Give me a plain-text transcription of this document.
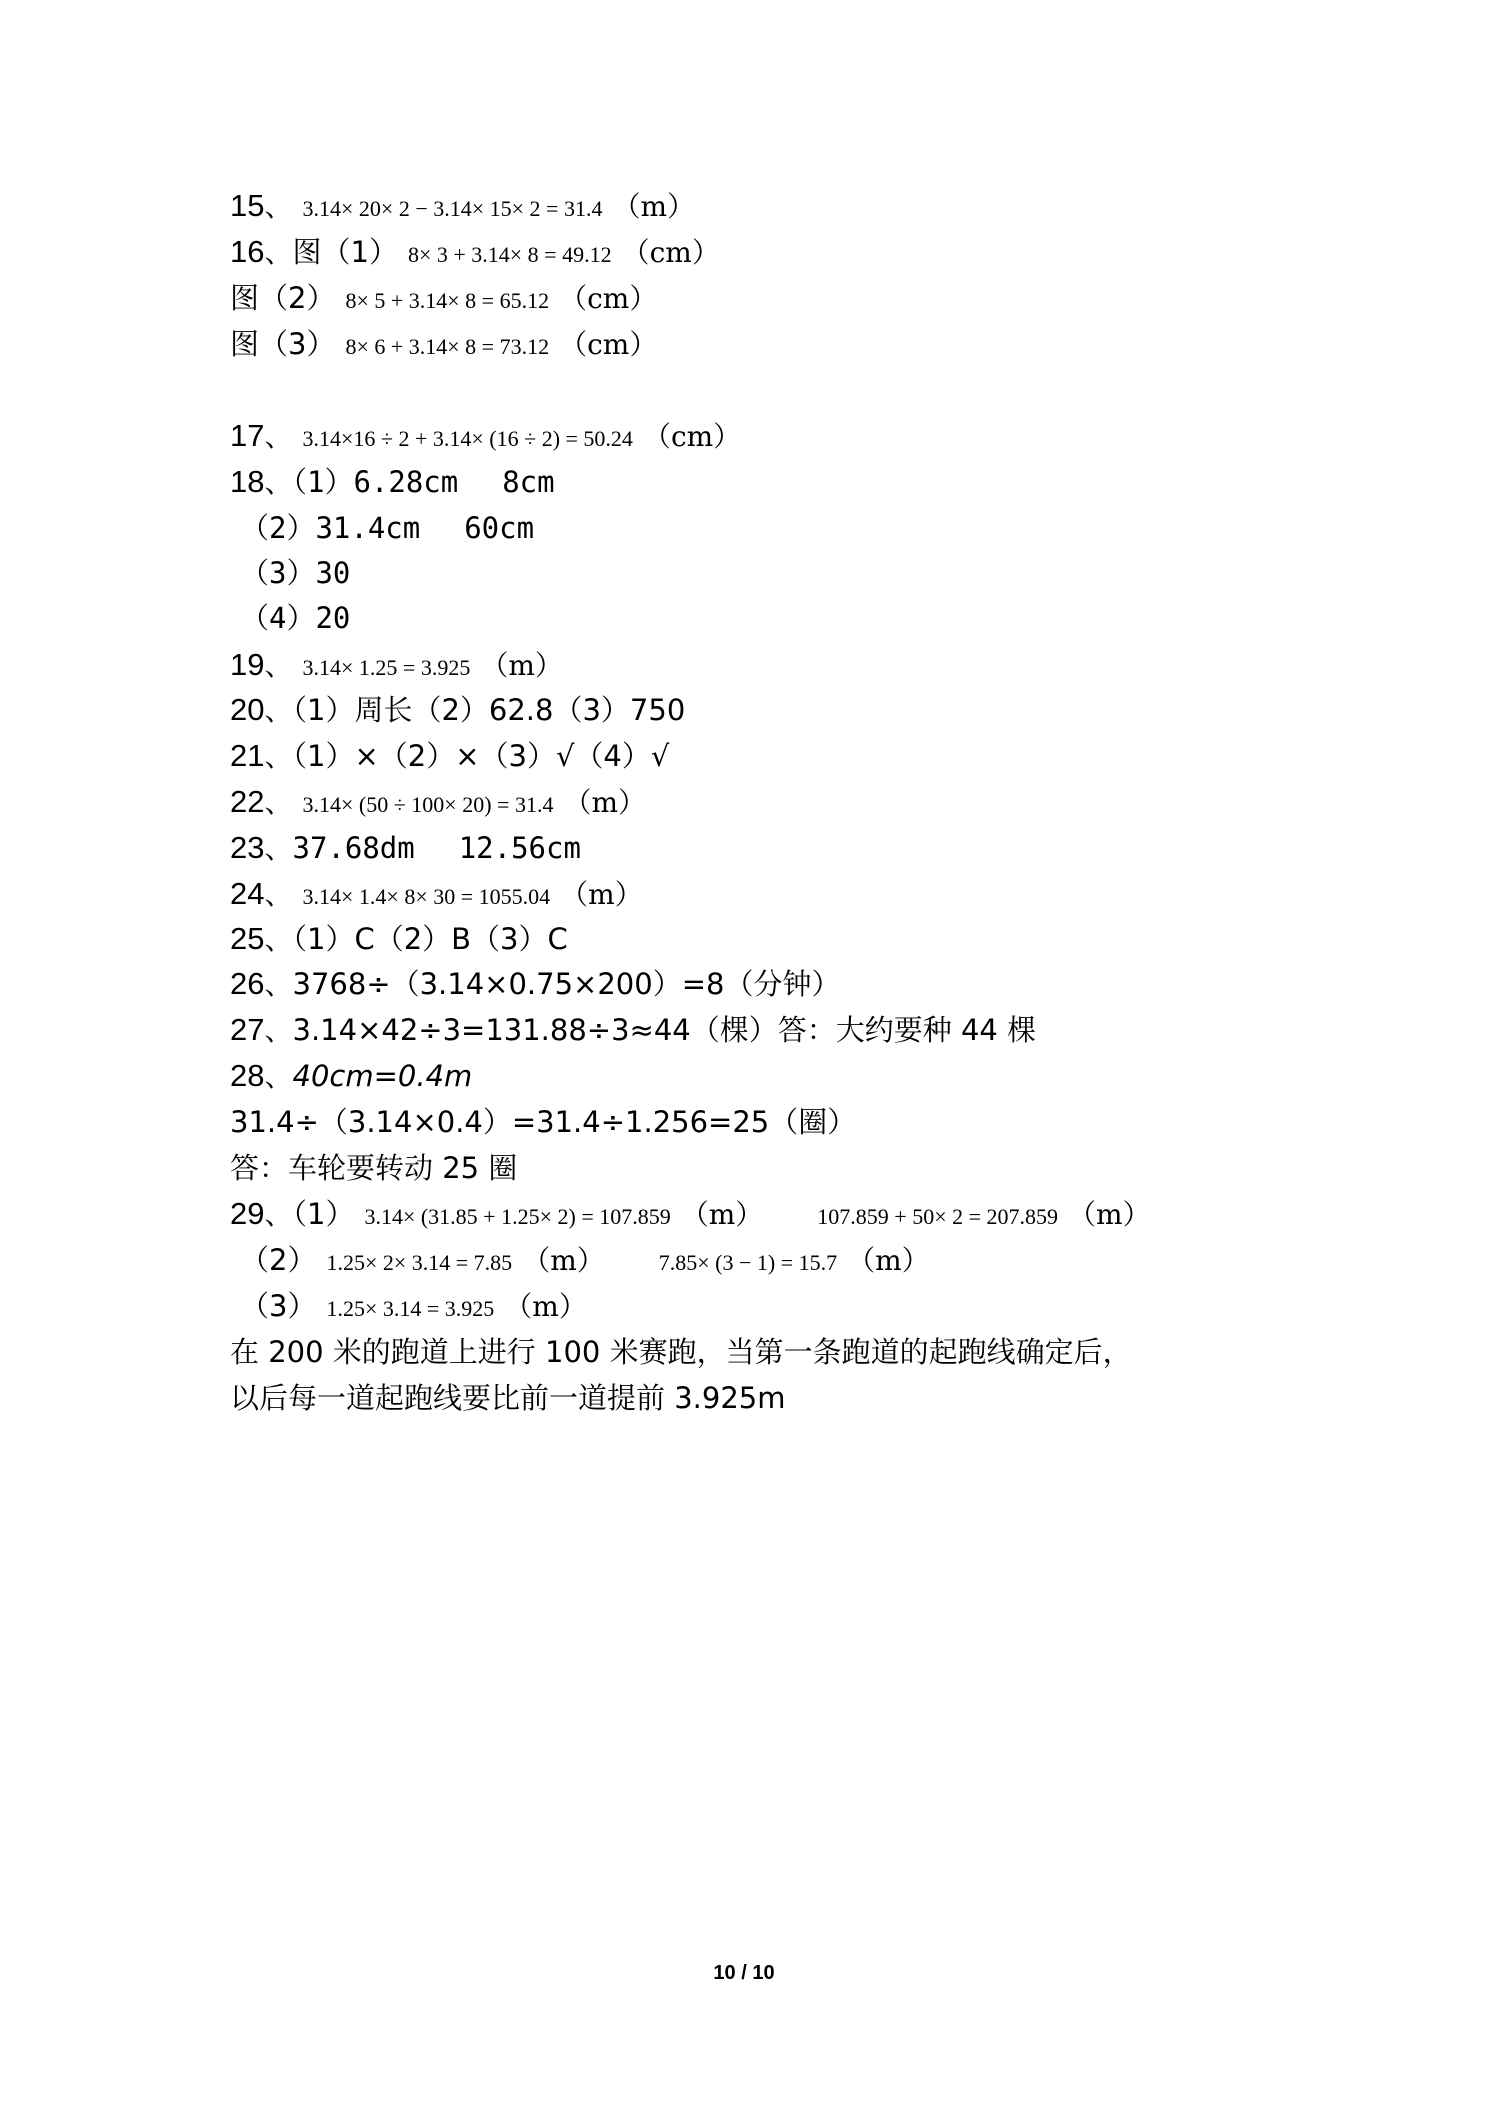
15、 3.14× 20× 2 − 3.14× 15× 2 = 31.4 （m）
16、图（1） 8× 3 + 3.14× 8 = 49.12 （cm）
图（2） 8× 5 + 3.14× 8 = 65.12 （cm）
图（3） 8× 6 + 3.14× 8 = 73.12 （cm）
17、 3.14×16 ÷ 2 + 3.14× (16 ÷ 2) = 50.24 （cm）
18、（1）6.28cm 8cm
（2）31.4cm 60cm
（3）30
（4）20
19、 3.14× 1.25 = 3.925 （m）
20、（1）周长（2）62.8（3）750
21、（1）×（2）×（3）√（4）√
22、 3.14× (50 ÷ 100× 20) = 31.4 （m）
23、37.68dm 12.56cm
24、 3.14× 1.4× 8× 30 = 1055.04 （m）
25、（1）C（2）B（3）C
26、3768÷（3.14×0.75×200）=8（分钟）
27、3.14×42÷3=131.88÷3≈44（棵）答：大约要种 44 棵
28、40cm=0.4m
31.4÷（3.14×0.4）=31.4÷1.256=25（圈）
答：车轮要转动 25 圈
29、（1） 3.14× (31.85 + 1.25× 2) = 107.859 （m） 107.859 + 50× 2 = 207.859 （m）
（2） 1.25× 2× 3.14 = 7.85 （m） 7.85× (3 − 1) = 15.7 （m）
（3） 1.25× 3.14 = 3.925 （m）
在 200 米的跑道上进行 100 米赛跑，当第一条跑道的起跑线确定后，
以后每一道起跑线要比前一道提前 3.925m
10 / 10
